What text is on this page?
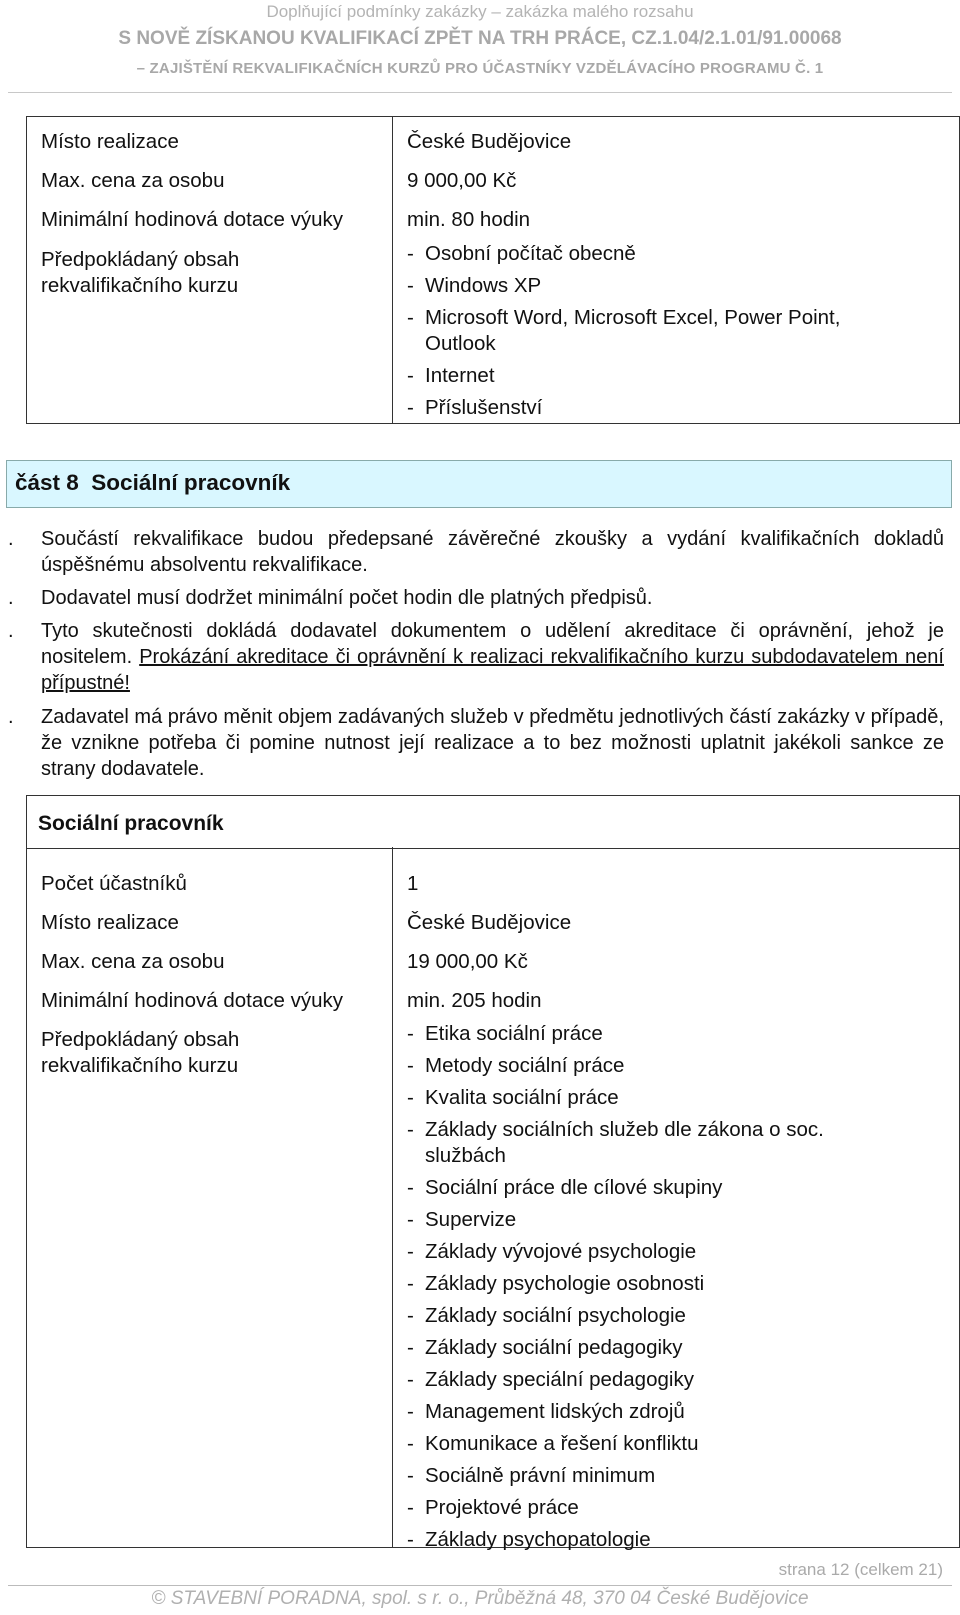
Doplňující podmínky zakázky – zakázka malého rozsahu
S NOVĚ ZÍSKANOU KVALIFIKACÍ ZPĚT NA TRH PRÁCE, CZ.1.04/2.1.01/91.00068
– ZAJIŠTĚNÍ REKVALIFIKAČNÍCH KURZŮ PRO ÚČASTNÍKY VZDĚLÁVACÍHO PROGRAMU Č. 1
Místo realizace	České Budějovice
Max. cena za osobu	9 000,00 Kč
Minimální hodinová dotace výuky	min. 80 hodin
Předpokládaný obsah
rekvalifikačního kurzu
- Osobní počítač obecně
- Windows XP
- Microsoft Word, Microsoft Excel, Power Point, Outlook
- Internet
- Příslušenství
část 8  Sociální pracovník
. Součástí rekvalifikace budou předepsané závěrečné zkoušky a vydání kvalifikačních dokladů úspěšnému absolventu rekvalifikace.
. Dodavatel musí dodržet minimální počet hodin dle platných předpisů.
. Tyto skutečnosti dokládá dodavatel dokumentem o udělení akreditace či oprávnění, jehož je nositelem. Prokázání akreditace či oprávnění k realizaci rekvalifikačního kurzu subdodavatelem není přípustné!
. Zadavatel má právo měnit objem zadávaných služeb v předmětu jednotlivých částí zakázky v případě, že vznikne potřeba či pomine nutnost její realizace a to bez možnosti uplatnit jakékoli sankce ze strany dodavatele.
Sociální pracovník
Počet účastníků	1
Místo realizace	České Budějovice
Max. cena za osobu	19 000,00 Kč
Minimální hodinová dotace výuky	min. 205 hodin
Předpokládaný obsah
rekvalifikačního kurzu
- Etika sociální práce
- Metody sociální práce
- Kvalita sociální práce
- Základy sociálních služeb dle zákona o soc. službách
- Sociální práce dle cílové skupiny
- Supervize
- Základy vývojové psychologie
- Základy psychologie osobnosti
- Základy sociální psychologie
- Základy sociální pedagogiky
- Základy speciální pedagogiky
- Management lidských zdrojů
- Komunikace a řešení konfliktu
- Sociálně právní minimum
- Projektové práce
- Základy psychopatologie
strana 12 (celkem 21)
© STAVEBNÍ PORADNA, spol. s r. o., Průběžná 48, 370 04 České Budějovice
